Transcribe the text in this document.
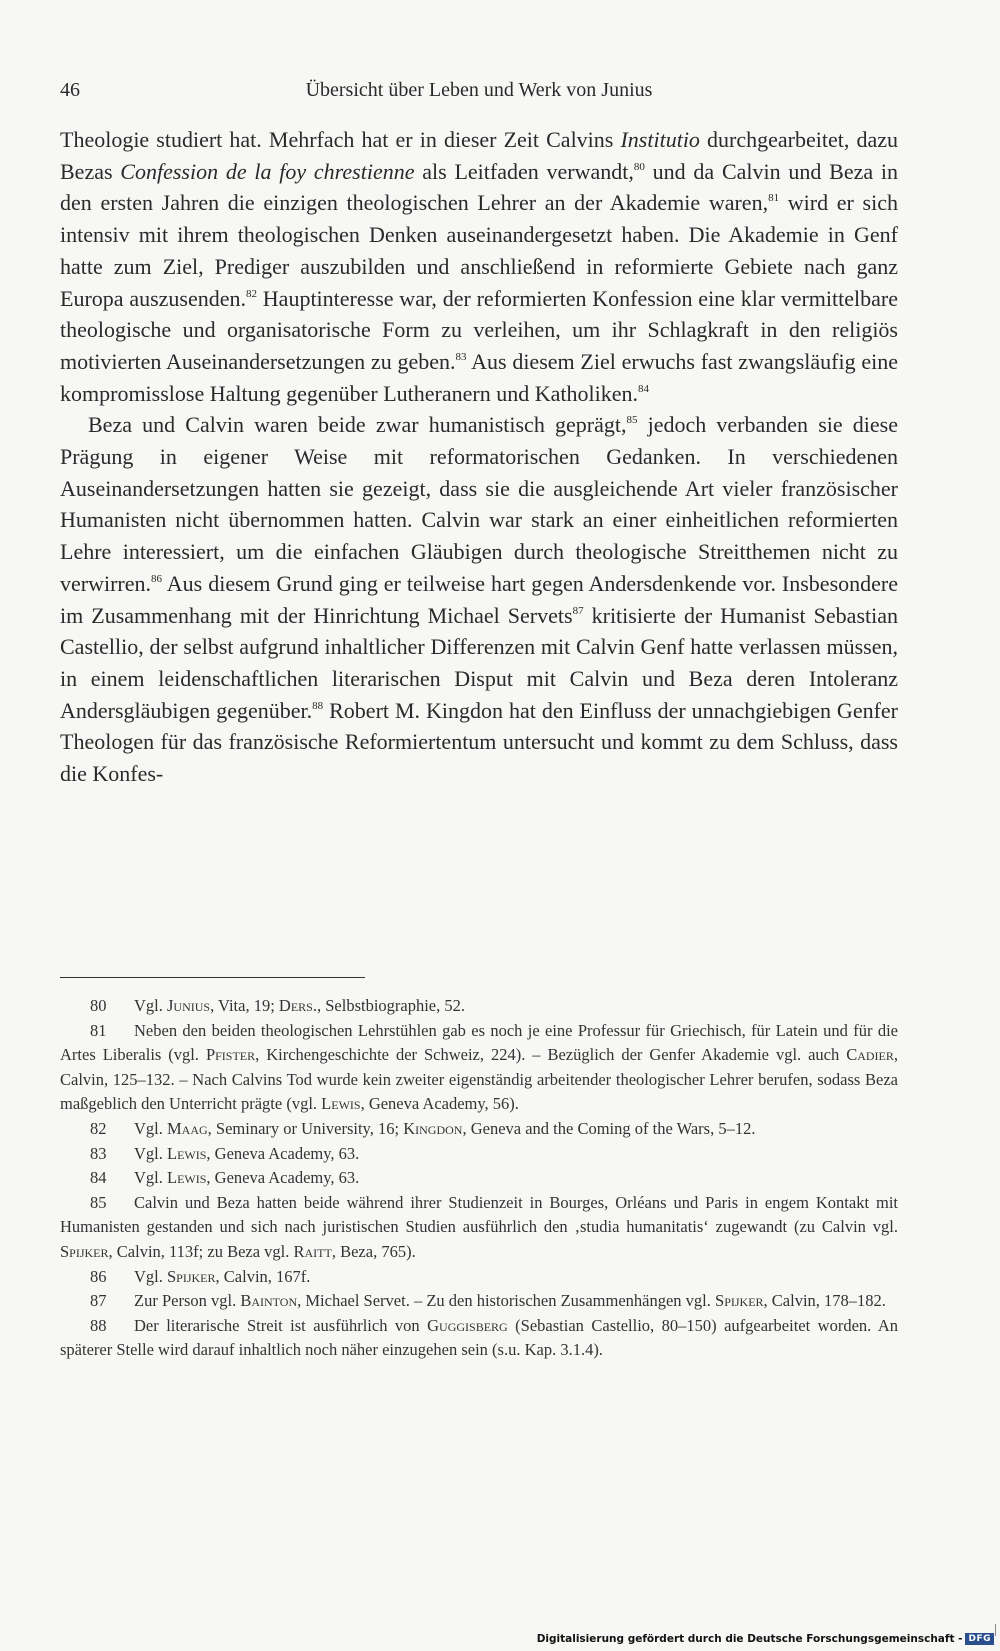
46	Übersicht über Leben und Werk von Junius

Theologie studiert hat. Mehrfach hat er in dieser Zeit Calvins Institutio durchgearbeitet, dazu Bezas Confession de la foy chrestienne als Leitfaden verwandt,$^{80}$ und da Calvin und Beza in den ersten Jahren die einzigen theologischen Lehrer an der Akademie waren,$^{81}$ wird er sich intensiv mit ihrem theologischen Denken auseinandergesetzt haben. Die Akademie in Genf hatte zum Ziel, Prediger auszubilden und anschließend in reformierte Gebiete nach ganz Europa auszusenden.$^{82}$ Hauptinteresse war, der reformierten Konfession eine klar vermittelbare theologische und organisatorische Form zu verleihen, um ihr Schlagkraft in den religiös motivierten Auseinandersetzungen zu geben.$^{83}$ Aus diesem Ziel erwuchs fast zwangsläufig eine kompromisslose Haltung gegenüber Lutheranern und Katholiken.$^{84}$

Beza und Calvin waren beide zwar humanistisch geprägt,$^{85}$ jedoch verbanden sie diese Prägung in eigener Weise mit reformatorischen Gedanken. In verschiedenen Auseinandersetzungen hatten sie gezeigt, dass sie die ausgleichende Art vieler französischer Humanisten nicht übernommen hatten. Calvin war stark an einer einheitlichen reformierten Lehre interessiert, um die einfachen Gläubigen durch theologische Streitthemen nicht zu verwirren.$^{86}$ Aus diesem Grund ging er teilweise hart gegen Andersdenkende vor. Insbesondere im Zusammenhang mit der Hinrichtung Michael Servets$^{87}$ kritisierte der Humanist Sebastian Castellio, der selbst aufgrund inhaltlicher Differenzen mit Calvin Genf hatte verlassen müssen, in einem leidenschaftlichen literarischen Disput mit Calvin und Beza deren Intoleranz Andersgläubigen gegenüber.$^{88}$ Robert M. Kingdon hat den Einfluss der unnachgiebigen Genfer Theologen für das französische Reformiertentum untersucht und kommt zu dem Schluss, dass die Konfes-

80 Vgl. Junius, Vita, 19; Ders., Selbstbiographie, 52.

81 Neben den beiden theologischen Lehrstühlen gab es noch je eine Professur für Griechisch, für Latein und für die Artes Liberalis (vgl. Pfister, Kirchengeschichte der Schweiz, 224). – Bezüglich der Genfer Akademie vgl. auch Cadier, Calvin, 125–132. – Nach Calvins Tod wurde kein zweiter eigenständig arbeitender theologischer Lehrer berufen, sodass Beza maßgeblich den Unterricht prägte (vgl. Lewis, Geneva Academy, 56).

82 Vgl. Maag, Seminary or University, 16; Kingdon, Geneva and the Coming of the Wars, 5–12.

83 Vgl. Lewis, Geneva Academy, 63.

84 Vgl. Lewis, Geneva Academy, 63.

85 Calvin und Beza hatten beide während ihrer Studienzeit in Bourges, Orléans und Paris in engem Kontakt mit Humanisten gestanden und sich nach juristischen Studien ausführlich den ‚studia humanitatis‘ zugewandt (zu Calvin vgl. Spijker, Calvin, 113f; zu Beza vgl. Raitt, Beza, 765).

86 Vgl. Spijker, Calvin, 167f.

87 Zur Person vgl. Bainton, Michael Servet. – Zu den historischen Zusammenhängen vgl. Spijker, Calvin, 178–182.

88 Der literarische Streit ist ausführlich von Guggisberg (Sebastian Castellio, 80–150) aufgearbeitet worden. An späterer Stelle wird darauf inhaltlich noch näher einzugehen sein (s.u. Kap. 3.1.4).

Digitalisierung gefördert durch die Deutsche Forschungsgemeinschaft - DFG
